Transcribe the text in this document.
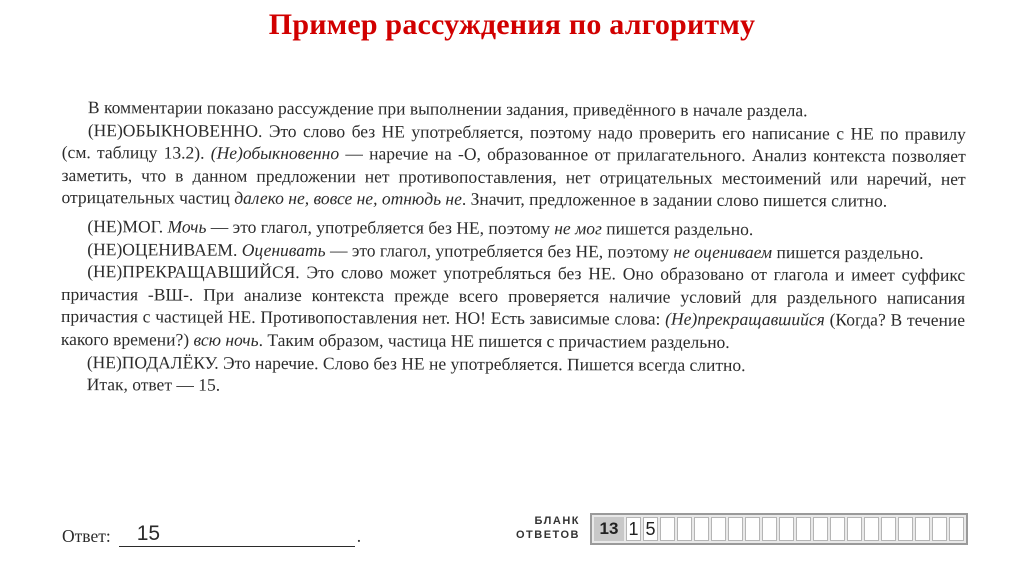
Пример рассуждения по алгоритму

В комментарии показано рассуждение при выполнении задания, приведённого в начале раздела.

(НЕ)ОБЫКНОВЕННО. Это слово без НЕ употребляется, поэтому надо проверить его написание с НЕ по правилу (см. таблицу 13.2). (Не)обыкновенно — наречие на -О, образованное от прилагательного. Анализ контекста позволяет заметить, что в данном предложении нет противопоставления, нет отрицательных местоимений или наречий, нет отрицательных частиц далеко не, вовсе не, отнюдь не. Значит, предложенное в задании слово пишется слитно.

(НЕ)МОГ. Мочь — это глагол, употребляется без НЕ, поэтому не мог пишется раздельно.

(НЕ)ОЦЕНИВАЕМ. Оценивать — это глагол, употребляется без НЕ, поэтому не оцениваем пишется раздельно.

(НЕ)ПРЕКРАЩАВШИЙСЯ. Это слово может употребляться без НЕ. Оно образовано от глагола и имеет суффикс причастия -ВШ-. При анализе контекста прежде всего проверяется наличие условий для раздельного написания причастия с частицей НЕ. Противопоставления нет. НО! Есть зависимые слова: (Не)прекращавшийся (Когда? В течение какого времени?) всю ночь. Таким образом, частица НЕ пишется с причастием раздельно.

(НЕ)ПОДАЛЁКУ. Это наречие. Слово без НЕ не употребляется. Пишется всегда слитно.

Итак, ответ — 15.

Ответ: 15	.
БЛАНК
ОТВЕТОВ	13 1 5
